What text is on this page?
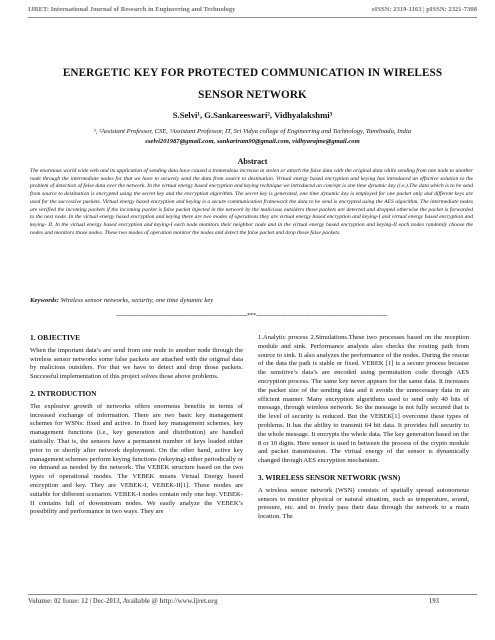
IJRET: International Journal of Research in Engineering and Technology	eISSN: 2319-1163 | pISSN: 2321-7308
ENERGETIC KEY FOR PROTECTED COMMUNICATION IN WIRELESS
SENSOR NETWORK
S.Selvi¹, G.Sankareeswari², Vidhyalakshmi³
¹, ²Assistant Professor, CSE, ³Assistant Professor, IT, Sri Vidya college of Engineering and Technology, Tamilnadu, India
sselvi201987@gmail.com, sankariram90@gmail.com, vidhyarajme@gmail.com
Abstract
The enormous world wide web and its application of sending data have caused a tremendous increase in stolen or attach the false data with the original data while sending from one node to another node through the intermediate nodes for that we have to securely send the data from source to destination. Virtual energy based encryption and keying has introduced an effective solution to the problem of detection of false data over the network. In the virtual energy based encryption and keying technique we introduced an concept is one time dynamic key (i.e.).The data which is to be send from source to destination is encrypted using the secret key and the encryption algorithm. The secret key is generated, one time dynamic key is employed for one packet only and different keys are used for the successive packets. Virtual energy based encryption and keying is a secure communication framework the data to be send is encrypted using the AES algorithm. The intermediate nodes are verified the incoming packets if the incoming packet is false packet injected in the network by the malicious outsiders those packets are detected and dropped otherwise the packet is forwarded to the next node. In the virtual energy based encryption and keying there are two modes of operations they are virtual energy based encryption and keying-I and virtual energy based encryption and keying- II. In the virtual energy based encryption and keying-I each node monitors their neighbor node and in the virtual energy based encryption and keying-II each nodes randomly choose the nodes and monitors those nodes. These two modes of operation monitor the nodes and detect the false packet and drop those false packets.
Keywords: Wireless sensor networks, security, one time dynamic key
-----------------------------------------------------------------------***-----------------------------------------------------------------------
1. OBJECTIVE

When the important data’s are send from one node to another node through the wireless sensor networks some false packets are attached with the original data by malicious outsiders. For that we have to detect and drop those packets. Successful implementation of this project solves those above problems.

2. INTRODUCTION

The explosive growth of networks offers enormous benefits in terms of increased exchange of information. There are two basic key management schemes for WSNs: fixed and active. In fixed key management schemes, key management functions (i.e., key generation and distribution) are handled statically. That is, the sensors have a permanent number of keys loaded either prior to or shortly after network deployment. On the other hand, active key management schemes perform keying functions (rekeying) either periodically or on demand as needed by the network. The VEBEK structure based on the two types of operational modes. The VEBEK means Virtual Energy based encryption and key. They are VEBEK-I, VEBEK-II[1]. These modes are suitable for different scenarios. VEBEK-I nodes contain only one hop. VEBEK-II contains full of downstream nodes. We easily analyze the VEBEK’s possibility and performance in two ways. They are

1.Analytic process 2.Simulations.These two processes based on the reception module and sink. Performance analysis also checks the routing path from source to sink. It also analyzes the performance of the nodes. During the rescue of the data the path is stable or fixed. VEBEK [1] is a secure process because the sensitive’s data’s are encoded using permutation code through AES encryption process. The same key never appears for the same data. It increases the packet size of the sending data and it avoids the unnecessary data in an efficient manner. Many encryption algorithms used to send only 40 bits of message, through wireless network. So the message is not fully secured that is the level of security is reduced. But the VEBEK[1] overcome these types of problems. It has the ability to transmit 64 bit data. It provides full security to the whole message. It encrypts the whole data. The key generation based on the 8 or 10 digits. Here sensor is used in between the process of the crypto module and packet transmission. The virtual energy of the sensor is dynamically changed through AES encryption mechanism.

3. WIRELESS SENSOR NETWORK (WSN)

A wireless sensor network (WSN) consists of spatially spread autonomous sensors to monitor physical or natural situation, such as temperature, sound, pressure, etc. and to freely pass their data through the network to a main location. The

Volume: 02 Issue: 12 | Dec-2013, Available @ http://www.ijret.org	193
